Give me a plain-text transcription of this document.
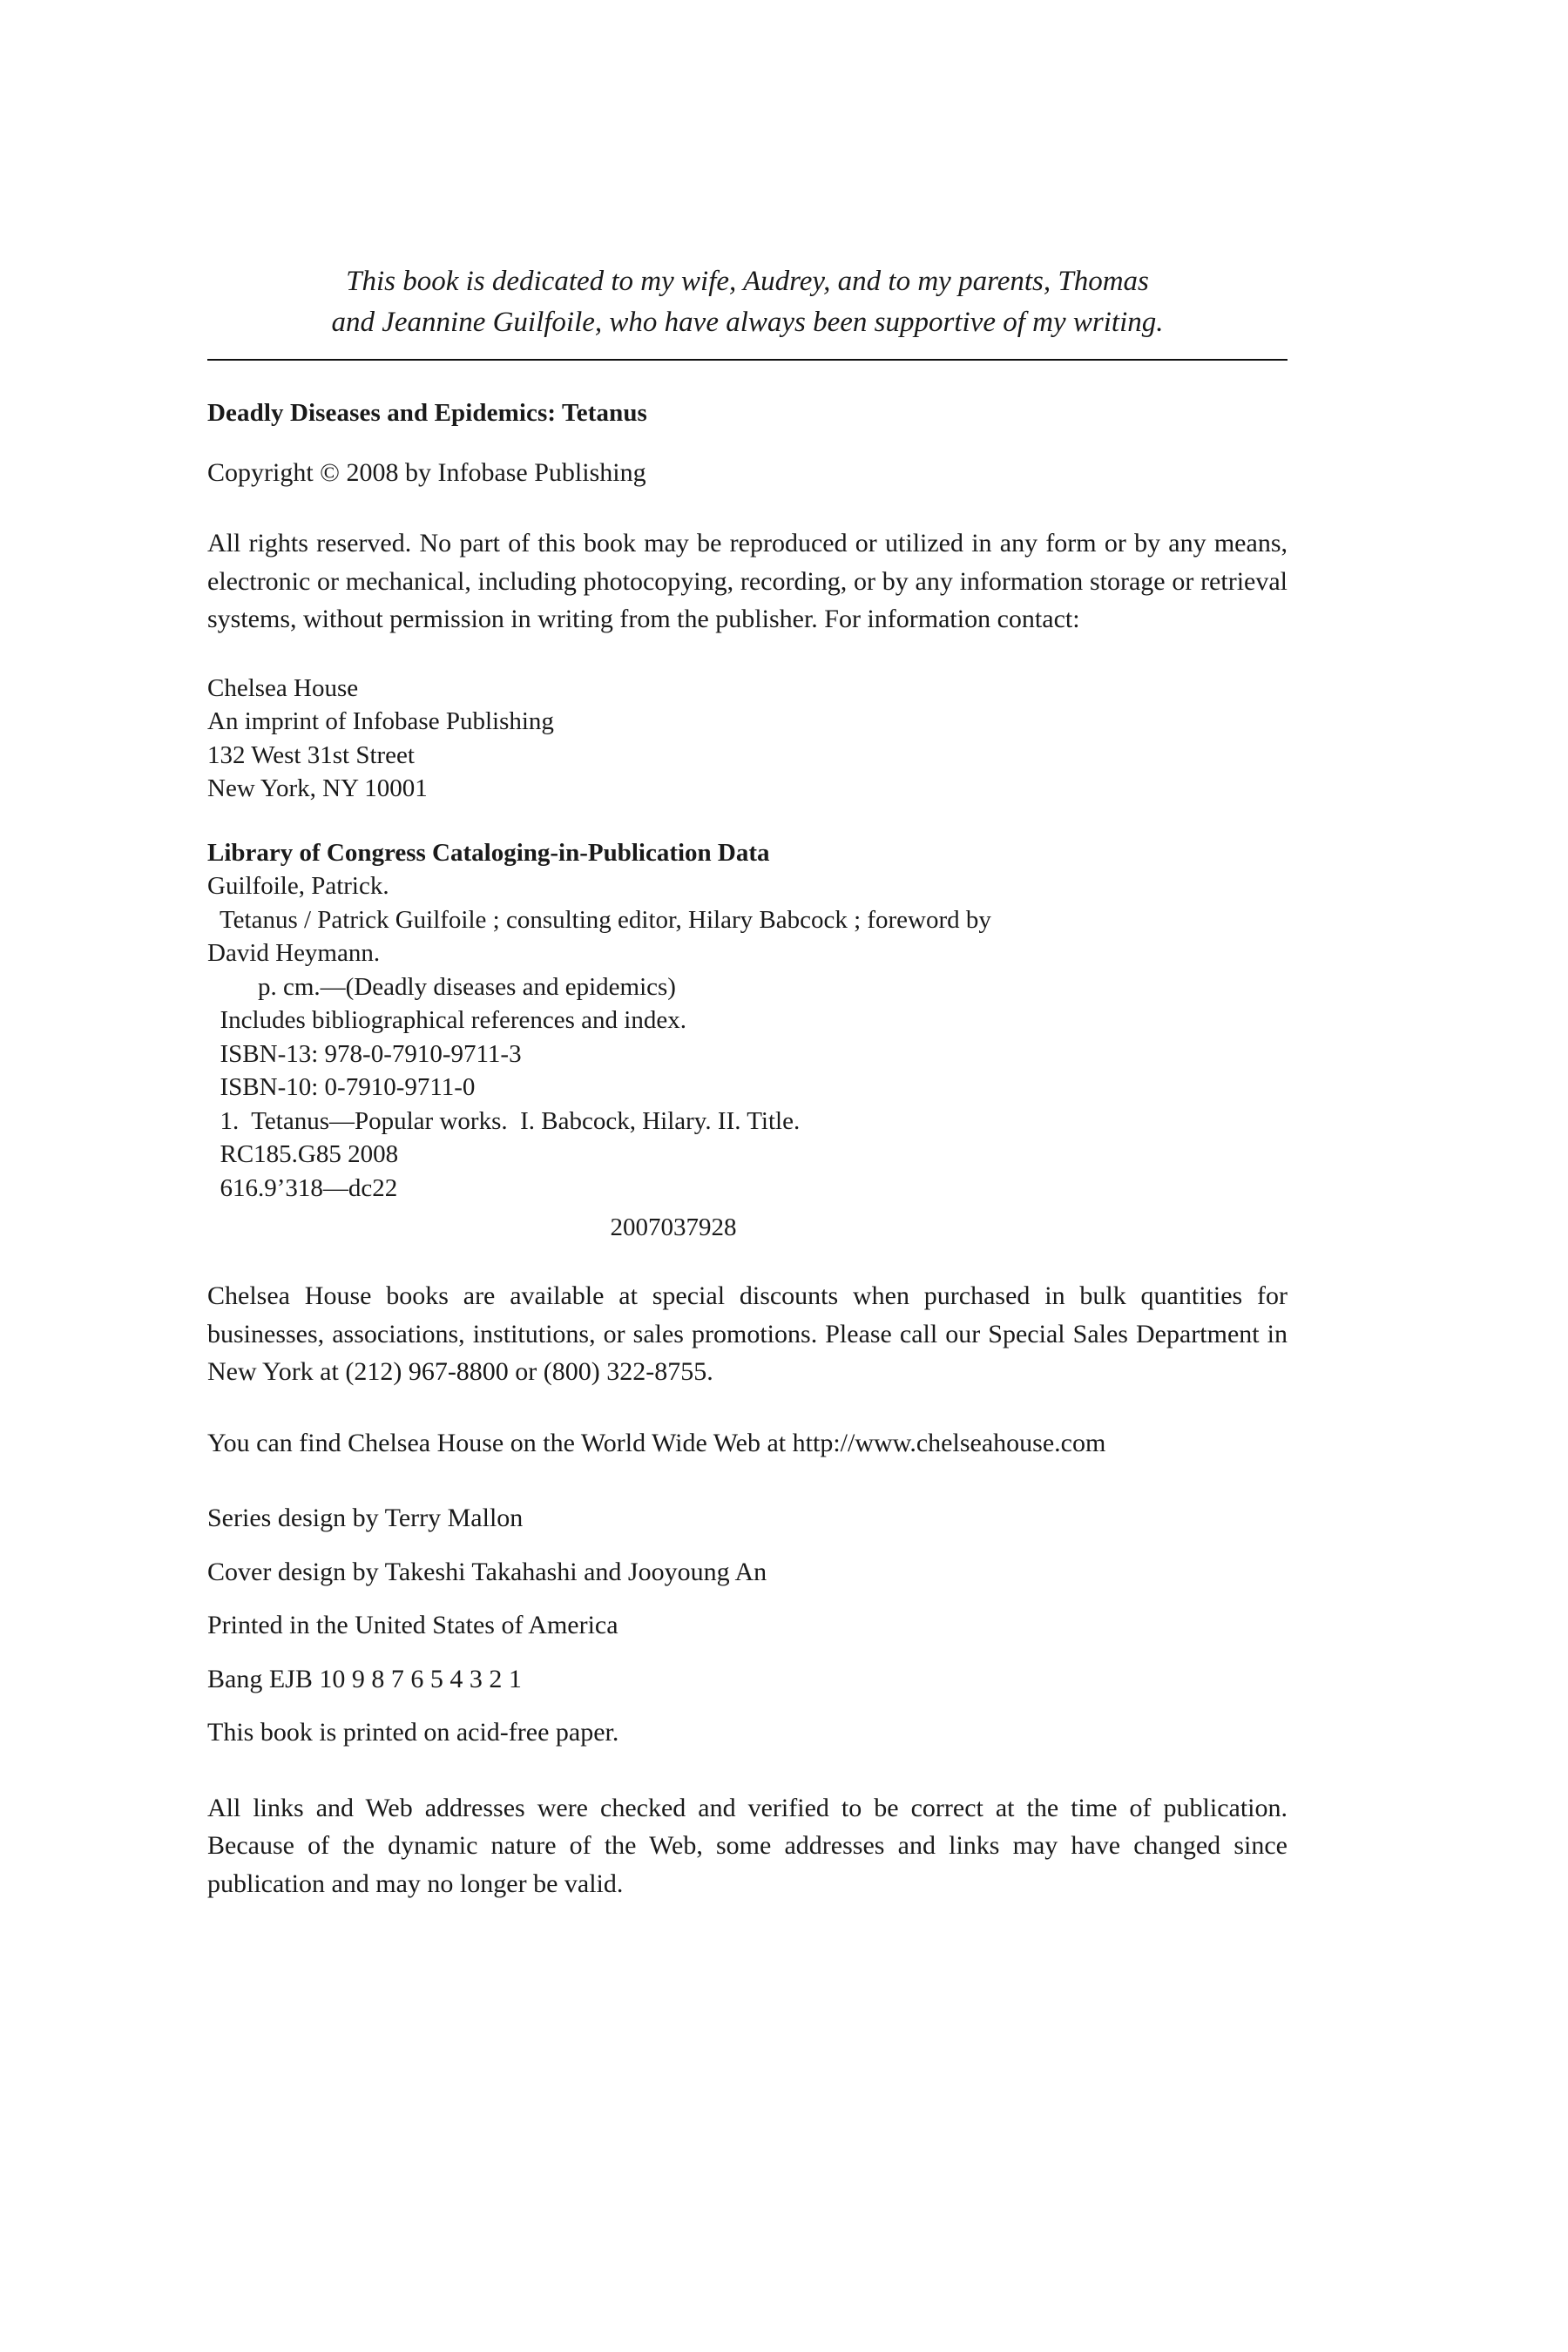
This book is dedicated to my wife, Audrey, and to my parents, Thomas
and Jeannine Guilfoile, who have always been supportive of my writing.

Deadly Diseases and Epidemics: Tetanus

Copyright © 2008 by Infobase Publishing

All rights reserved. No part of this book may be reproduced or utilized in any form or by any means, electronic or mechanical, including photocopying, recording, or by any information storage or retrieval systems, without permission in writing from the publisher. For information contact:

Chelsea House

An imprint of Infobase Publishing

132 West 31st Street

New York, NY 10001

Library of Congress Cataloging-in-Publication Data

Guilfoile, Patrick.

Tetanus / Patrick Guilfoile ; consulting editor, Hilary Babcock ; foreword by

David Heymann.

p. cm.—(Deadly diseases and epidemics)

Includes bibliographical references and index.

ISBN-13: 978-0-7910-9711-3

ISBN-10: 0-7910-9711-0

1.  Tetanus—Popular works.  I. Babcock, Hilary. II. Title.

RC185.G85 2008

616.9’318—dc22

2007037928

Chelsea House books are available at special discounts when purchased in bulk quantities for businesses, associations, institutions, or sales promotions. Please call our Special Sales Department in New York at (212) 967-8800 or (800) 322-8755.

You can find Chelsea House on the World Wide Web at http://www.chelseahouse.com

Series design by Terry Mallon

Cover design by Takeshi Takahashi and Jooyoung An

Printed in the United States of America

Bang EJB 10 9 8 7 6 5 4 3 2 1

This book is printed on acid-free paper.

All links and Web addresses were checked and verified to be correct at the time of publication. Because of the dynamic nature of the Web, some addresses and links may have changed since publication and may no longer be valid.
